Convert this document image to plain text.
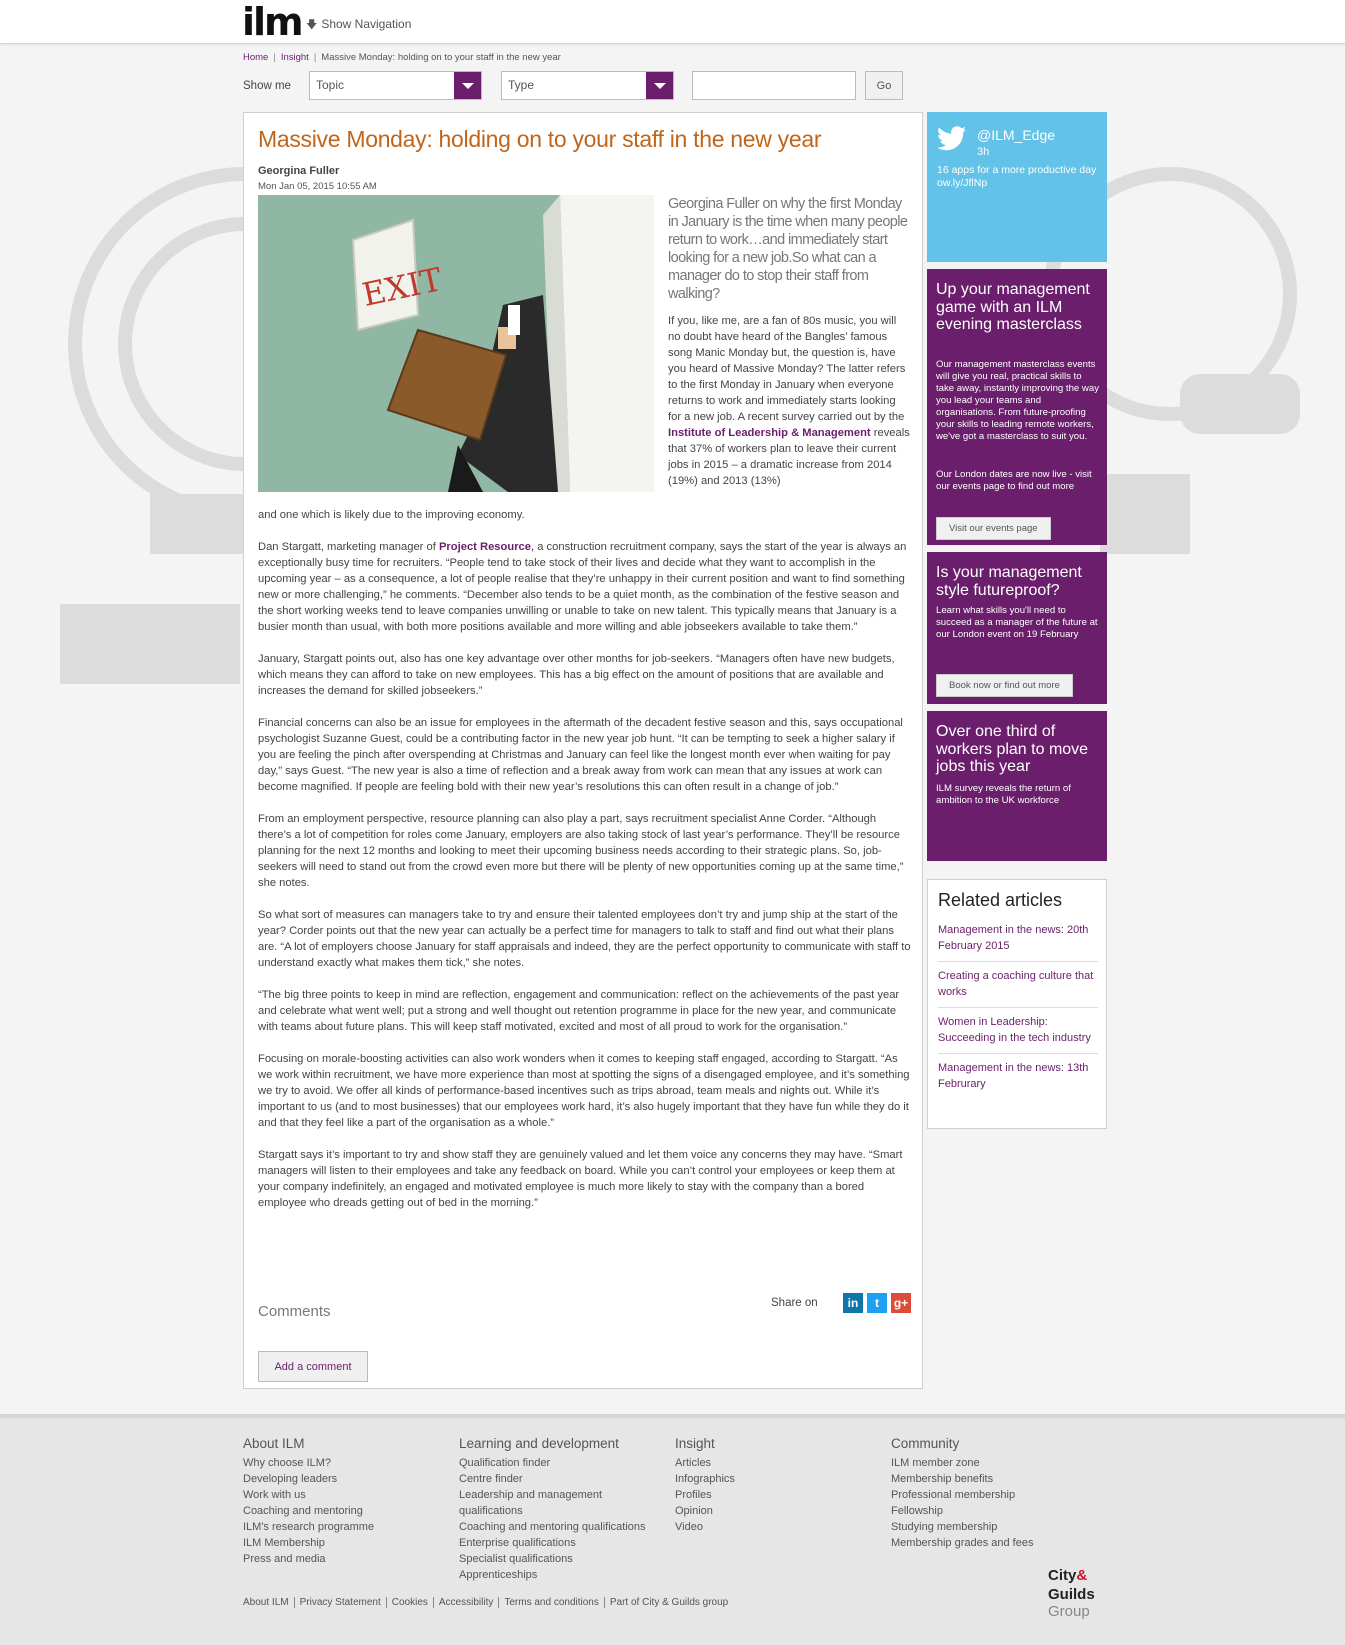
ilm 🡇 Show Navigation
Home | Insight | Massive Monday: holding on to your staff in the new year
Show me Topic	Type	Go
Massive Monday: holding on to your staff in the new year
Georgina Fuller
Mon Jan 05, 2015 10:55 AM
EXIT
Georgina Fuller on why the first Monday in January is the time when many people return to work…and immediately start looking for a new job.So what can a manager do to stop their staff from walking?
If you, like me, are a fan of 80s music, you will no doubt have heard of the Bangles’ famous song Manic Monday but, the question is, have you heard of Massive Monday? The latter refers to the first Monday in January when everyone returns to work and immediately starts looking for a new job. A recent survey carried out by the Institute of Leadership & Management reveals that 37% of workers plan to leave their current jobs in 2015 – a dramatic increase from 2014 (19%) and 2013 (13%)

and one which is likely due to the improving economy.

Dan Stargatt, marketing manager of Project Resource, a construction recruitment company, says the start of the year is always an exceptionally busy time for recruiters. “People tend to take stock of their lives and decide what they want to accomplish in the upcoming year – as a consequence, a lot of people realise that they’re unhappy in their current position and want to find something new or more challenging,” he comments. “December also tends to be a quiet month, as the combination of the festive season and the short working weeks tend to leave companies unwilling or unable to take on new talent. This typically means that January is a busier month than usual, with both more positions available and more willing and able jobseekers available to take them.”

January, Stargatt points out, also has one key advantage over other months for job-seekers. “Managers often have new budgets, which means they can afford to take on new employees. This has a big effect on the amount of positions that are available and increases the demand for skilled jobseekers.”

Financial concerns can also be an issue for employees in the aftermath of the decadent festive season and this, says occupational psychologist Suzanne Guest, could be a contributing factor in the new year job hunt. “It can be tempting to seek a higher salary if you are feeling the pinch after overspending at Christmas and January can feel like the longest month ever when waiting for pay day,” says Guest. “The new year is also a time of reflection and a break away from work can mean that any issues at work can become magnified. If people are feeling bold with their new year’s resolutions this can often result in a change of job.”

From an employment perspective, resource planning can also play a part, says recruitment specialist Anne Corder. “Although there’s a lot of competition for roles come January, employers are also taking stock of last year’s performance. They’ll be resource planning for the next 12 months and looking to meet their upcoming business needs according to their strategic plans. So, job-seekers will need to stand out from the crowd even more but there will be plenty of new opportunities coming up at the same time,” she notes.

So what sort of measures can managers take to try and ensure their talented employees don’t try and jump ship at the start of the year? Corder points out that the new year can actually be a perfect time for managers to talk to staff and find out what their plans are. “A lot of employers choose January for staff appraisals and indeed, they are the perfect opportunity to communicate with staff to understand exactly what makes them tick,” she notes.

“The big three points to keep in mind are reflection, engagement and communication: reflect on the achievements of the past year and celebrate what went well; put a strong and well thought out retention programme in place for the new year, and communicate with teams about future plans. This will keep staff motivated, excited and most of all proud to work for the organisation.”

Focusing on morale-boosting activities can also work wonders when it comes to keeping staff engaged, according to Stargatt. “As we work within recruitment, we have more experience than most at spotting the signs of a disengaged employee, and it’s something we try to avoid. We offer all kinds of performance-based incentives such as trips abroad, team meals and nights out. While it’s important to us (and to most businesses) that our employees work hard, it’s also hugely important that they have fun while they do it and that they feel like a part of the organisation as a whole.”

Stargatt says it’s important to try and show staff they are genuinely valued and let them voice any concerns they may have. “Smart managers will listen to their employees and take any feedback on board. While you can’t control your employees or keep them at your company indefinitely, an engaged and motivated employee is much more likely to stay with the company than a bored employee who dreads getting out of bed in the morning.”

Comments	Share on	in	t	g+
Add a comment
@ILM_Edge
3h
16 apps for a more productive day ow.ly/JflNp
Up your management game with an ILM evening masterclass
Our management masterclass events will give you real, practical skills to take away, instantly improving the way you lead your teams and organisations. From future-proofing your skills to leading remote workers, we've got a masterclass to suit you.
Our London dates are now live - visit our events page to find out more
Visit our events page
Is your management style futureproof?
Learn what skills you'll need to succeed as a manager of the future at our London event on 19 February
Book now or find out more
Over one third of workers plan to move jobs this year
ILM survey reveals the return of ambition to the UK workforce
Related articles
Management in the news: 20th February 2015
Creating a coaching culture that works
Women in Leadership: Succeeding in the tech industry
Management in the news: 13th Februrary
About ILM
Why choose ILM?
Developing leaders
Work with us
Coaching and mentoring
ILM's research programme
ILM Membership
Press and media
Learning and development
Qualification finder
Centre finder
Leadership and management qualifications
Coaching and mentoring qualifications
Enterprise qualifications
Specialist qualifications
Apprenticeships
Insight
Articles
Infographics
Profiles
Opinion
Video
Community
ILM member zone
Membership benefits
Professional membership
Fellowship
Studying membership
Membership grades and fees
About ILM Privacy Statement Cookies Accessibility Terms and conditions Part of City & Guilds group
City&
Guilds
Group
